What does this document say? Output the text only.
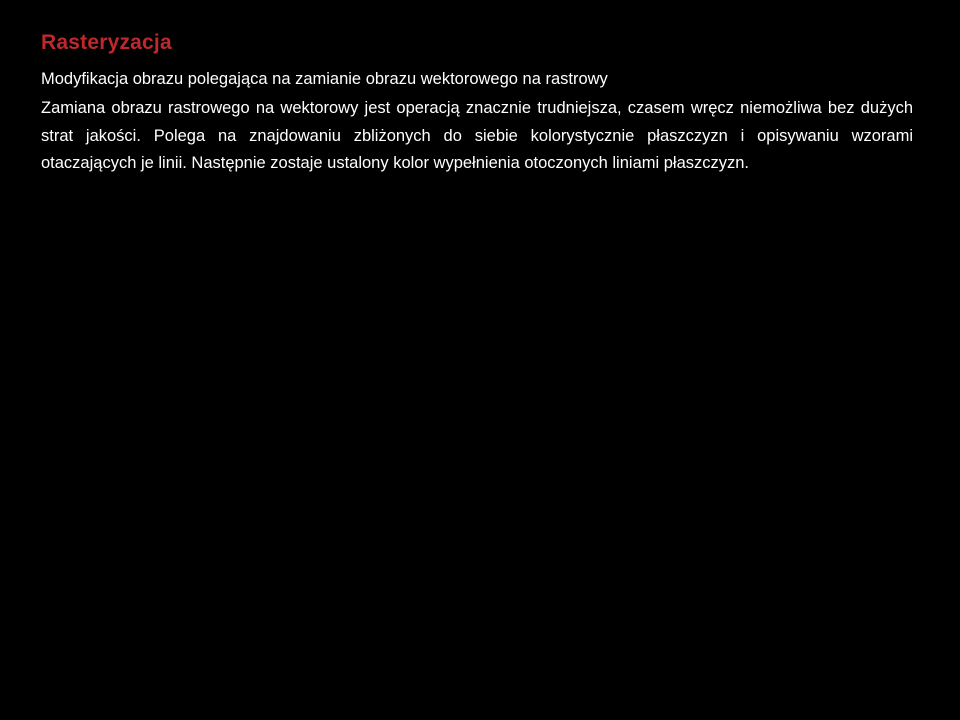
Rasteryzacja

Modyfikacja obrazu polegająca na zamianie obrazu wektorowego na rastrowy

Zamiana obrazu rastrowego na wektorowy jest operacją znacznie trudniejsza, czasem wręcz niemożliwa bez dużych strat jakości. Polega na znajdowaniu zbliżonych do siebie kolorystycznie płaszczyzn i opisywaniu wzorami otaczających je linii. Następnie zostaje ustalony kolor wypełnienia otoczonych liniami płaszczyzn.
